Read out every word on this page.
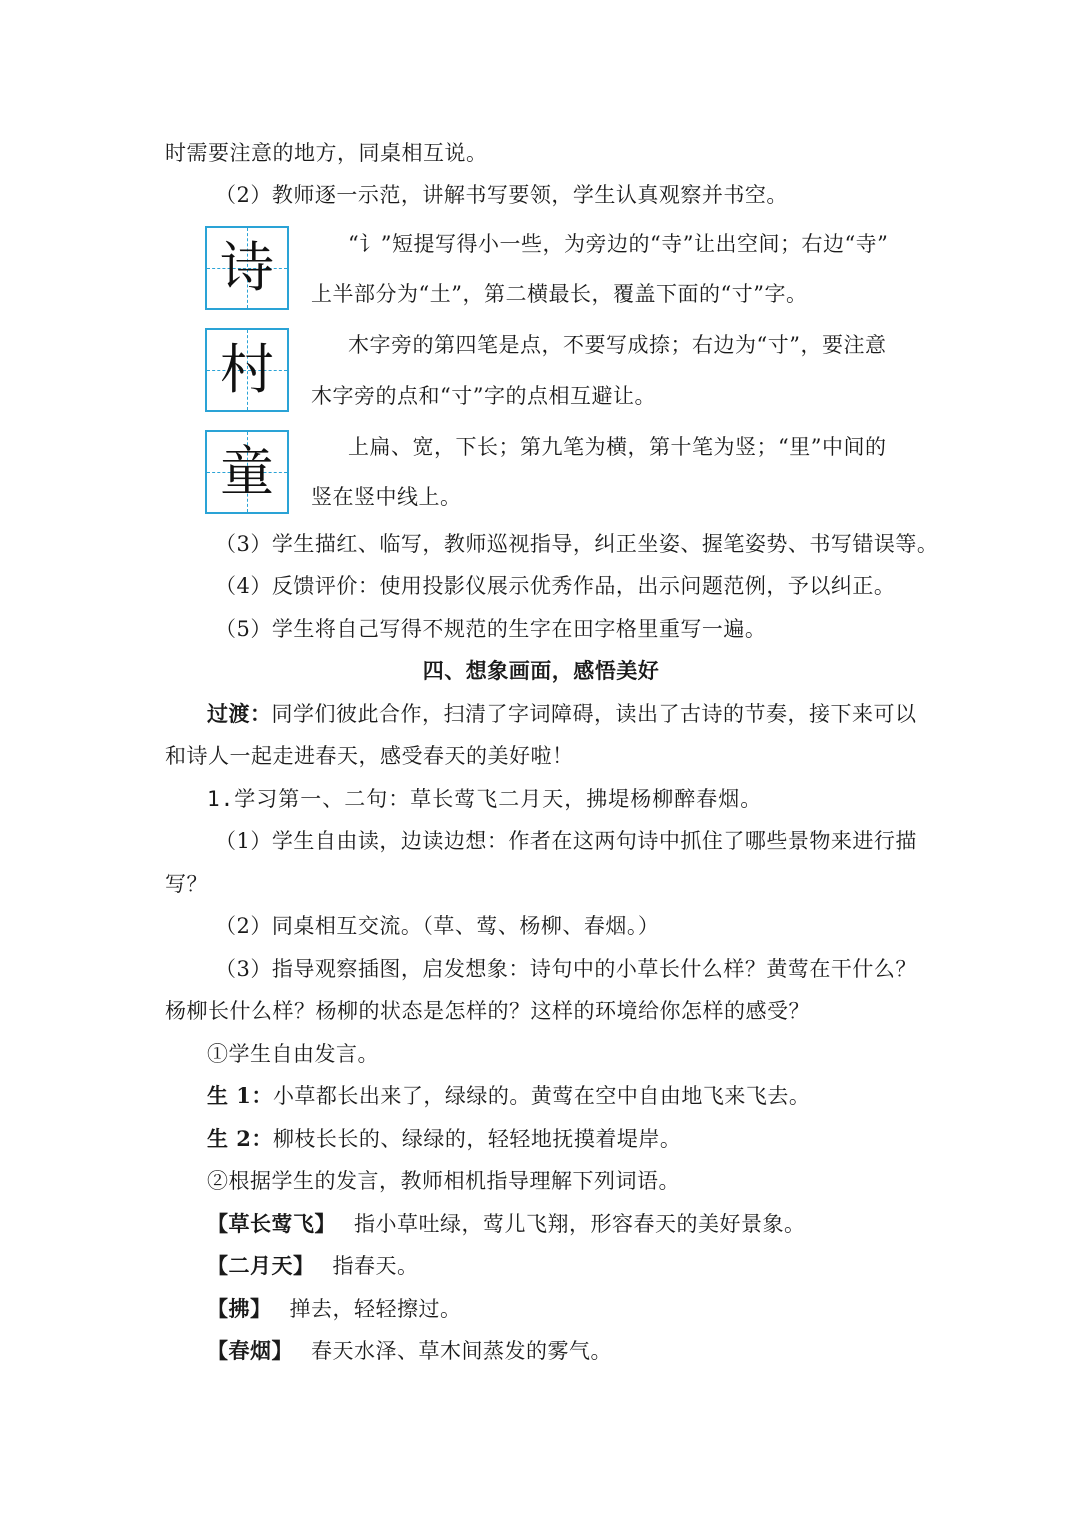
时需要注意的地方，同桌相互说。
（2）教师逐一示范，讲解书写要领，学生认真观察并书空。
诗	“讠”短提写得小一些，为旁边的“寺”让出空间；右边“寺”
上半部分为“土”，第二横最长，覆盖下面的“寸”字。
村	木字旁的第四笔是点，不要写成捺；右边为“寸”，要注意
木字旁的点和“寸”字的点相互避让。
童	上扁、宽，下长；第九笔为横，第十笔为竖；“里”中间的
竖在竖中线上。
（3）学生描红、临写，教师巡视指导，纠正坐姿、握笔姿势、书写错误等。
（4）反馈评价：使用投影仪展示优秀作品，出示问题范例，予以纠正。
（5）学生将自己写得不规范的生字在田字格里重写一遍。
四、想象画面，感悟美好
过渡：同学们彼此合作，扫清了字词障碍，读出了古诗的节奏，接下来可以
和诗人一起走进春天，感受春天的美好啦！
1.学习第一、二句：草长莺飞二月天，拂堤杨柳醉春烟。
（1）学生自由读，边读边想：作者在这两句诗中抓住了哪些景物来进行描
写？
（2）同桌相互交流。（草、莺、杨柳、春烟。）
（3）指导观察插图，启发想象：诗句中的小草长什么样？黄莺在干什么？
杨柳长什么样？杨柳的状态是怎样的？这样的环境给你怎样的感受？
①学生自由发言。
生 1：小草都长出来了，绿绿的。黄莺在空中自由地飞来飞去。
生 2：柳枝长长的、绿绿的，轻轻地抚摸着堤岸。
②根据学生的发言，教师相机指导理解下列词语。
【草长莺飞】 指小草吐绿，莺儿飞翔，形容春天的美好景象。
【二月天】 指春天。
【拂】 掸去，轻轻擦过。
【春烟】 春天水泽、草木间蒸发的雾气。
